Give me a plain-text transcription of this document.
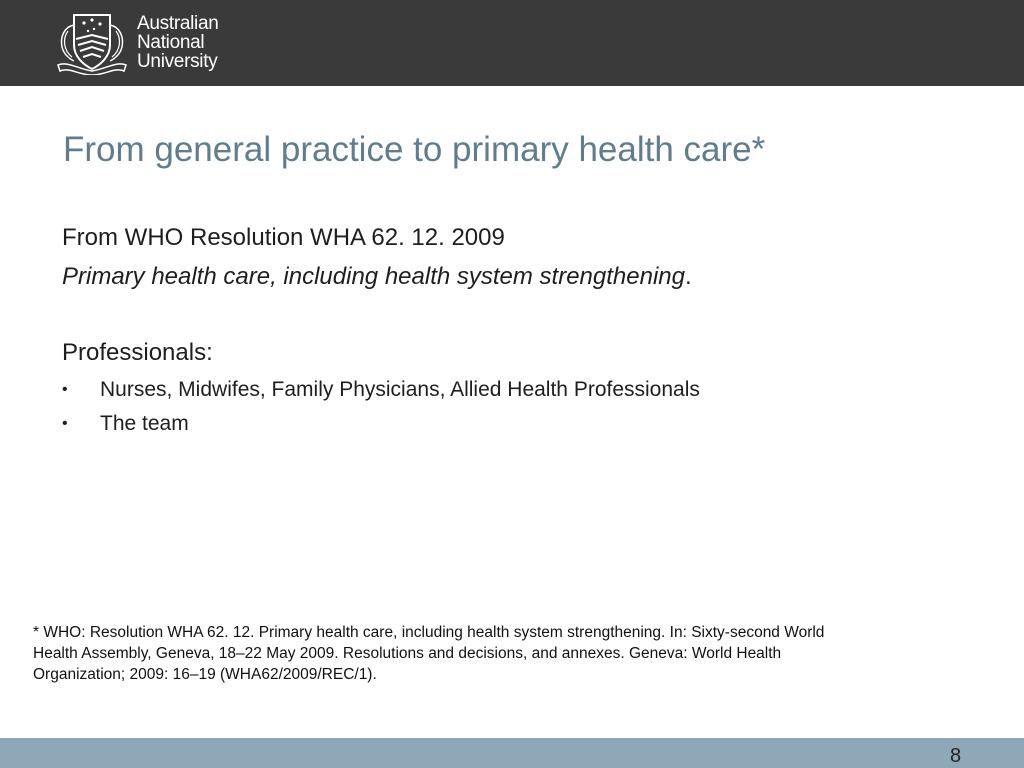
Australian
National
University
From general practice to primary health care*
From WHO Resolution WHA 62. 12. 2009
Primary health care, including health system strengthening.
Professionals:
• Nurses, Midwifes, Family Physicians, Allied Health Professionals
• The team
* WHO: Resolution WHA 62. 12. Primary health care, including health system strengthening. In: Sixty-second World
Health Assembly, Geneva, 18–22 May 2009. Resolutions and decisions, and annexes. Geneva: World Health
Organization; 2009: 16–19 (WHA62/2009/REC/1).
8
